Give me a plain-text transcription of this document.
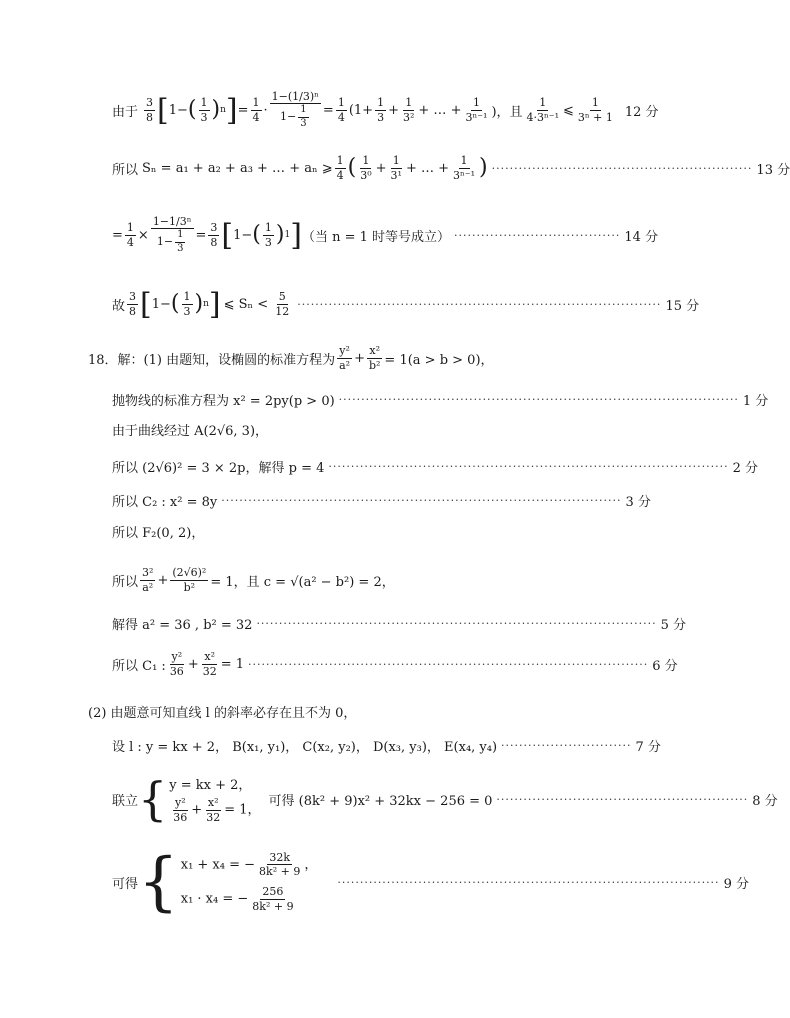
由于 $\frac{3}{8}$ [ 1− ( $\frac{1}{3}$ ) n ] = $\frac{1}{4} \cdot \frac{\text{1−(1/3)ⁿ}}{1- \frac{1}{3}} = \frac{1}{4} (1+ \frac{1}{3} + \frac{1}{\text{3²}}$ + … + $\frac{1}{\text{3ⁿ⁻¹}}$ )，且 $\frac{1}{\text{4·3ⁿ⁻¹}}$ ⩽ $\frac{1}{\text{3ⁿ + 1}} 12$ 分
所以 Sₙ = a₁ + a₂ + a₃ + … + aₙ ⩾ $\frac{1}{4}$ ( $\frac{1}{\text{3⁰}} + \frac{1}{\text{3¹}}$ + … + $\frac{1}{\text{3ⁿ⁻¹}}$ ) ·························································· 13 分
= $\frac{1}{4} \times \frac{\text{1−1/3ⁿ}}{1- \frac{1}{3}} = \frac{3}{8}$ [ 1− ( $\frac{1}{3}$ ) 1 ] （当 n = 1 时等号成立） ····································· 14 分
故 $\frac{3}{8}$ [ 1− ( $\frac{1}{3}$ ) n ] ⩽ $S_n < \frac{5}{12}$ ················································································· 15 分
18．解：(1) 由题知，设椭圆的标准方程为 $\frac{\text{y²}}{\text{a²}} + \frac{\text{x²}}{\text{b²}} = 1(a > b > 0)$，
抛物线的标准方程为 x² = 2py(p > 0) ························································································· 1 分
由于曲线经过 A(2√6, 3)，
所以 (2√6)² = 3 × 2p，解得 p = 4 ························································································· 2 分
所以 C₂ : x² = 8y ························································································· 3 分
所以 F₂(0, 2)，
所以 $\frac{\text{3²}}{\text{a²}} + \frac{\text{(2√6)²}}{\text{b²}} = 1$，且 c = √(a² − b²) = 2，
解得 a² = 36 , b² = 32 ························································································· 5 分
所以 C₁ : $\frac{\text{y²}}{36} + \frac{\text{x²}}{32} = 1$ ························································································· 6 分
(2) 由题意可知直线 l 的斜率必存在且不为 0，
设 l : y = kx + 2， B(x₁, y₁)， C(x₂, y₂)， D(x₃, y₃)， E(x₄, y₄) ····························· 7 分
联立 { y = kx + 2，
$\frac{\text{y²}}{36} + \frac{\text{x²}}{32} = 1$，
可得 (8k² + 9)x² + 32kx − 256 = 0 ························································ 8 分
可得 { x₁ + x₄ = − $\frac{32k}{\text{8k² + 9}}$ ，
x₁ · x₄ = − $\frac{256}{\text{8k² + 9}}$
····················································································· 9 分
